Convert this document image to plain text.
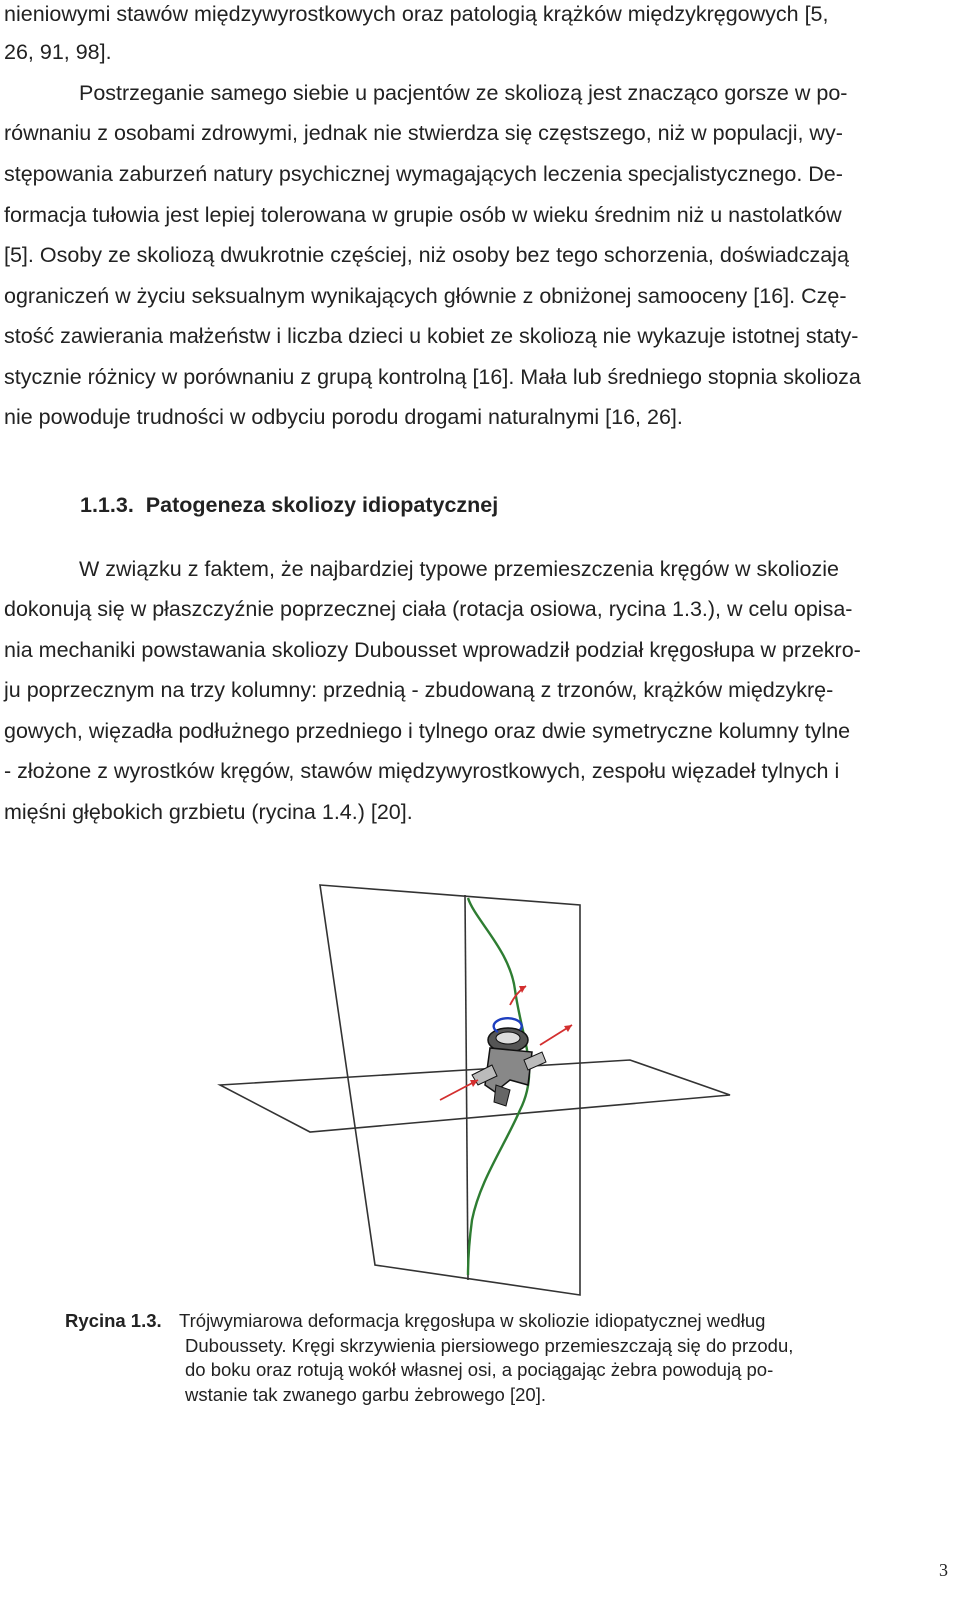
nieniowymi stawów międzywyrostkowych oraz patologią krążków międzykręgowych [5,
26, 91, 98].
Postrzeganie samego siebie u pacjentów ze skoliozą jest znacząco gorsze w po-
równaniu z osobami zdrowymi, jednak nie stwierdza się częstszego, niż w populacji, wy-
stępowania zaburzeń natury psychicznej wymagających leczenia specjalistycznego. De-
formacja tułowia jest lepiej tolerowana w grupie osób w wieku średnim niż u nastolatków
[5]. Osoby ze skoliozą dwukrotnie częściej, niż osoby bez tego schorzenia, doświadczają
ograniczeń w życiu seksualnym wynikających głównie z obniżonej samooceny [16]. Czę-
stość zawierania małżeństw i liczba dzieci u kobiet ze skoliozą nie wykazuje istotnej staty-
stycznie różnicy w porównaniu z grupą kontrolną [16]. Mała lub średniego stopnia skolioza
nie powoduje trudności w odbyciu porodu drogami naturalnymi [16, 26].
1.1.3. Patogeneza skoliozy idiopatycznej
W związku z faktem, że najbardziej typowe przemieszczenia kręgów w skoliozie
dokonują się w płaszczyźnie poprzecznej ciała (rotacja osiowa, rycina 1.3.), w celu opisa-
nia mechaniki powstawania skoliozy Dubousset wprowadził podział kręgosłupa w przekro-
ju poprzecznym na trzy kolumny: przednią - zbudowaną z trzonów, krążków międzykrę-
gowych, więzadła podłużnego przedniego i tylnego oraz dwie symetryczne kolumny tylne
- złożone z wyrostków kręgów, stawów międzywyrostkowych, zespołu więzadeł tylnych i
mięśni głębokich grzbietu (rycina 1.4.) [20].
Rycina 1.3. Trójwymiarowa deformacja kręgosłupa w skoliozie idiopatycznej według
Duboussety. Kręgi skrzywienia piersiowego przemieszczają się do przodu,
do boku oraz rotują wokół własnej osi, a pociągając żebra powodują po-
wstanie tak zwanego garbu żebrowego [20].
3
